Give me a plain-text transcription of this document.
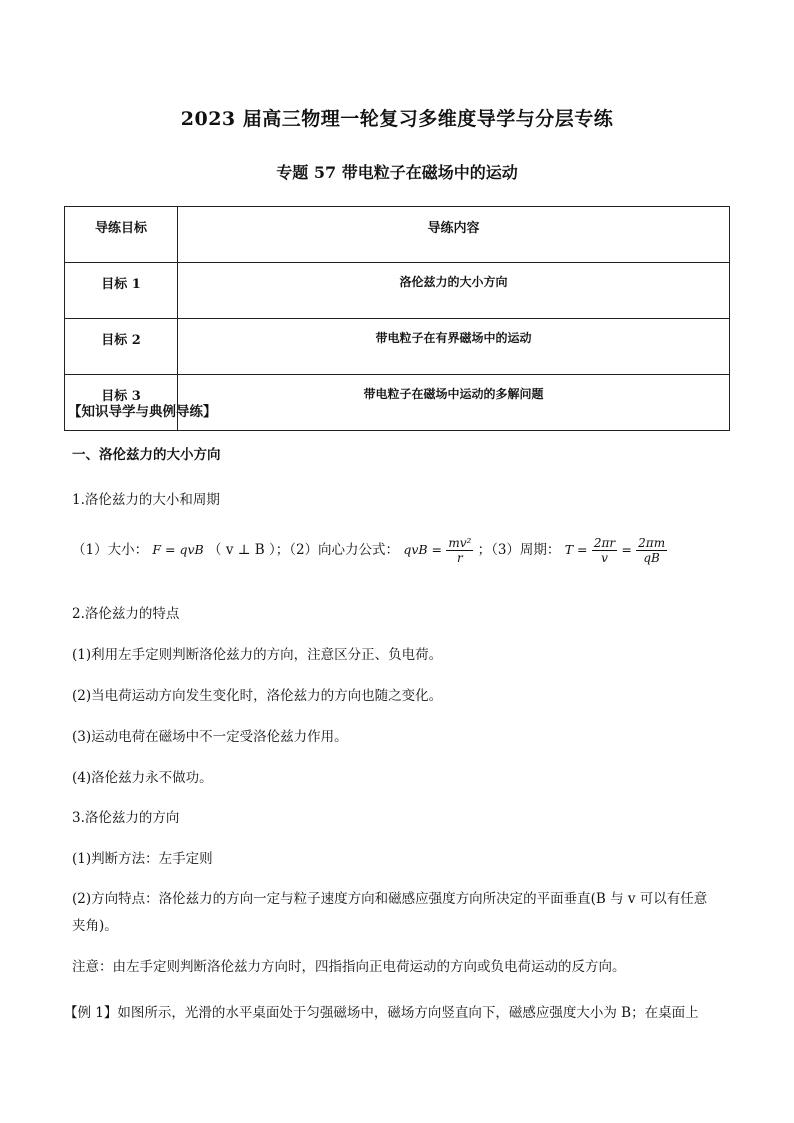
2023 届高三物理一轮复习多维度导学与分层专练
专题 57 带电粒子在磁场中的运动
导练目标	导练内容
目标 1	洛伦兹力的大小方向
目标 2	带电粒子在有界磁场中的运动
目标 3	带电粒子在磁场中运动的多解问题
【知识导学与典例导练】
一、洛伦兹力的大小方向
1.洛伦兹力的大小和周期
（1）大小： F = qvB （ v ⊥ B ）；（2）向心力公式： qvB = $\frac{\text{mv²}}{r}$ ；（3）周期： $T = \frac{2\pi r}{v} = \frac{2\pi m}{qB}$
2.洛伦兹力的特点
(1)利用左手定则判断洛伦兹力的方向，注意区分正、负电荷。
(2)当电荷运动方向发生变化时，洛伦兹力的方向也随之变化。
(3)运动电荷在磁场中不一定受洛伦兹力作用。
(4)洛伦兹力永不做功。
3.洛伦兹力的方向
(1)判断方法：左手定则
(2)方向特点：洛伦兹力的方向一定与粒子速度方向和磁感应强度方向所决定的平面垂直(B 与 v 可以有任意
夹角)。
注意：由左手定则判断洛伦兹力方向时，四指指向正电荷运动的方向或负电荷运动的反方向。
【例 1】如图所示，光滑的水平桌面处于匀强磁场中，磁场方向竖直向下，磁感应强度大小为 B；在桌面上
